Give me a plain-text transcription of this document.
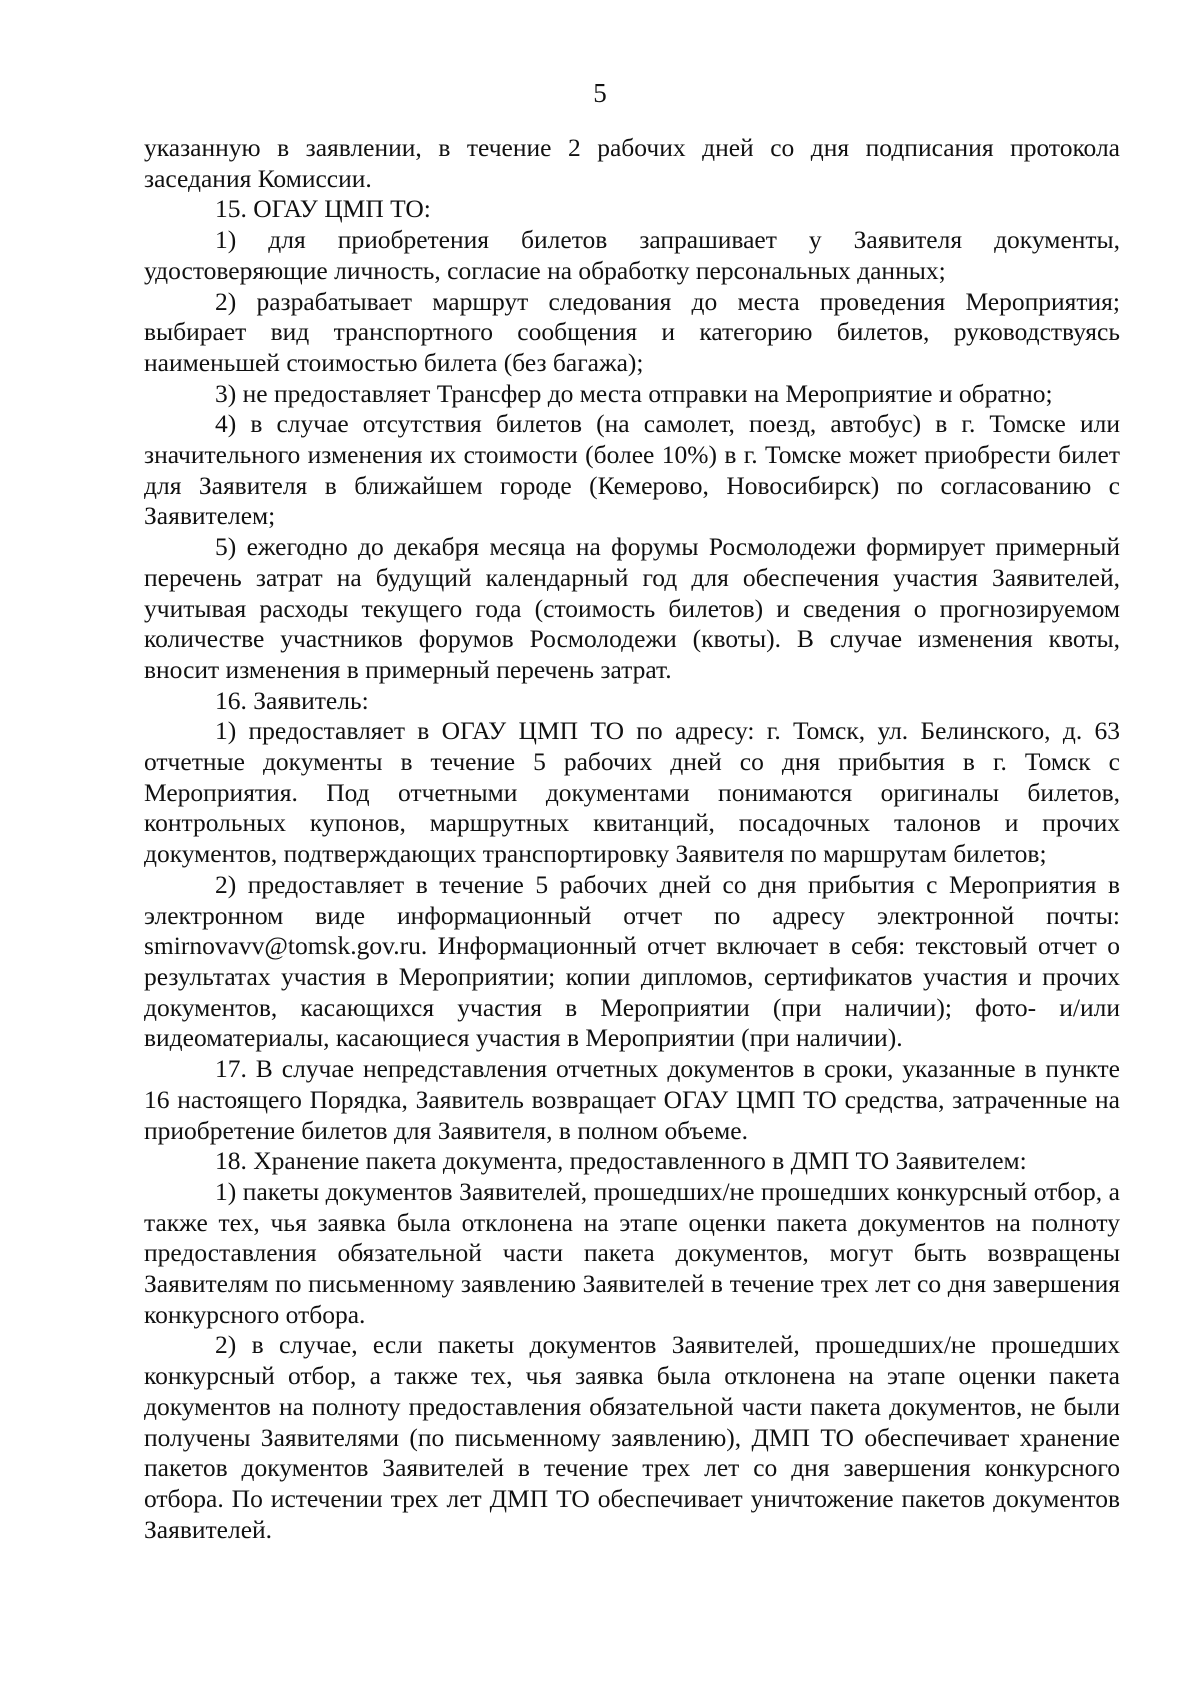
5

указанную в заявлении, в течение 2 рабочих дней со дня подписания протокола заседания Комиссии.

15. ОГАУ ЦМП ТО:

1) для приобретения билетов запрашивает у Заявителя документы, удостоверяющие личность, согласие на обработку персональных данных;

2) разрабатывает маршрут следования до места проведения Мероприятия; выбирает вид транспортного сообщения и категорию билетов, руководствуясь наименьшей стоимостью билета (без багажа);

3) не предоставляет Трансфер до места отправки на Мероприятие и обратно;

4) в случае отсутствия билетов (на самолет, поезд, автобус) в г. Томске или значительного изменения их стоимости (более 10%) в г. Томске может приобрести билет для Заявителя в ближайшем городе (Кемерово, Новосибирск) по согласованию с Заявителем;

5) ежегодно до декабря месяца на форумы Росмолодежи формирует примерный перечень затрат на будущий календарный год для обеспечения участия Заявителей, учитывая расходы текущего года (стоимость билетов) и сведения о прогнозируемом количестве участников форумов Росмолодежи (квоты). В случае изменения квоты, вносит изменения в примерный перечень затрат.

16. Заявитель:

1) предоставляет в ОГАУ ЦМП ТО по адресу: г. Томск, ул. Белинского, д. 63 отчетные документы в течение 5 рабочих дней со дня прибытия в г. Томск с Мероприятия. Под отчетными документами понимаются оригиналы билетов, контрольных купонов, маршрутных квитанций, посадочных талонов и прочих документов, подтверждающих транспортировку Заявителя по маршрутам билетов;

2) предоставляет в течение 5 рабочих дней со дня прибытия с Мероприятия в электронном виде информационный отчет по адресу электронной почты: smirnovavv@tomsk.gov.ru. Информационный отчет включает в себя: текстовый отчет о результатах участия в Мероприятии; копии дипломов, сертификатов участия и прочих документов, касающихся участия в Мероприятии (при наличии); фото- и/или видеоматериалы, касающиеся участия в Мероприятии (при наличии).

17. В случае непредставления отчетных документов в сроки, указанные в пункте 16 настоящего Порядка, Заявитель возвращает ОГАУ ЦМП ТО средства, затраченные на приобретение билетов для Заявителя, в полном объеме.

18. Хранение пакета документа, предоставленного в ДМП ТО Заявителем:

1) пакеты документов Заявителей, прошедших/не прошедших конкурсный отбор, а также тех, чья заявка была отклонена на этапе оценки пакета документов на полноту предоставления обязательной части пакета документов, могут быть возвращены Заявителям по письменному заявлению Заявителей в течение трех лет со дня завершения конкурсного отбора.

2) в случае, если пакеты документов Заявителей, прошедших/не прошедших конкурсный отбор, а также тех, чья заявка была отклонена на этапе оценки пакета документов на полноту предоставления обязательной части пакета документов, не были получены Заявителями (по письменному заявлению), ДМП ТО обеспечивает хранение пакетов документов Заявителей в течение трех лет со дня завершения конкурсного отбора. По истечении трех лет ДМП ТО обеспечивает уничтожение пакетов документов Заявителей.
